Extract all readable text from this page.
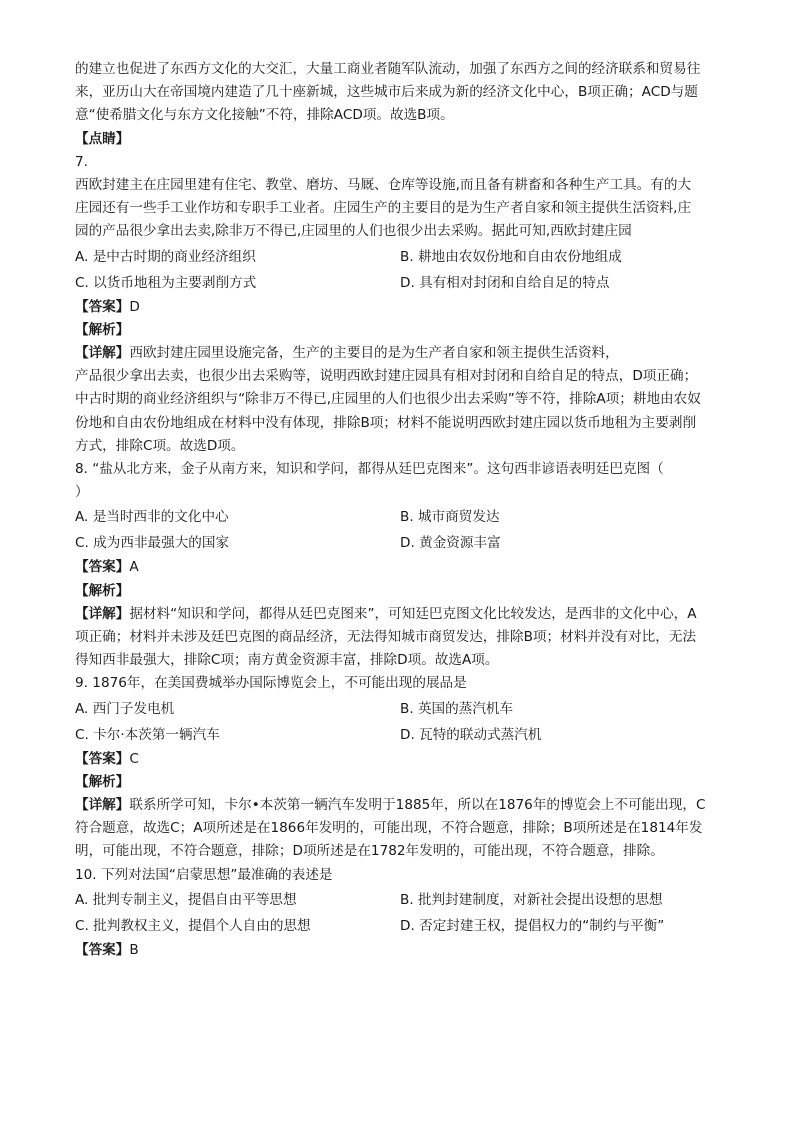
的建立也促进了东西方文化的大交汇，大量工商业者随军队流动，加强了东西方之间的经济联系和贸易往

来，亚历山大在帝国境内建造了几十座新城，这些城市后来成为新的经济文化中心，B项正确；ACD与题

意“使希腊文化与东方文化接触”不符，排除ACD项。故选B项。

【点睛】

7.

西欧封建主在庄园里建有住宅、教堂、磨坊、马厩、仓库等设施,而且备有耕畜和各种生产工具。有的大

庄园还有一些手工业作坊和专职手工业者。庄园生产的主要目的是为生产者自家和领主提供生活资料,庄

园的产品很少拿出去卖,除非万不得已,庄园里的人们也很少出去采购。据此可知,西欧封建庄园

A. 是中古时期的商业经济组织	B. 耕地由农奴份地和自由农份地组成
C. 以货币地租为主要剥削方式	D. 具有相对封闭和自给自足的特点

【答案】D

【解析】

【详解】西欧封建庄园里设施完备，生产的主要目的是为生产者自家和领主提供生活资料，

产品很少拿出去卖，也很少出去采购等，说明西欧封建庄园具有相对封闭和自给自足的特点，D项正确；

中古时期的商业经济组织与“除非万不得已,庄园里的人们也很少出去采购”等不符，排除A项；耕地由农奴

份地和自由农份地组成在材料中没有体现，排除B项；材料不能说明西欧封建庄园以货币地租为主要剥削

方式，排除C项。故选D项。

8. “盐从北方来，金子从南方来，知识和学问，都得从廷巴克图来”。这句西非谚语表明廷巴克图（

）

A. 是当时西非的文化中心	B. 城市商贸发达
C. 成为西非最强大的国家	D. 黄金资源丰富

【答案】A

【解析】

【详解】据材料“知识和学问，都得从廷巴克图来”，可知廷巴克图文化比较发达，是西非的文化中心，A

项正确；材料并未涉及廷巴克图的商品经济，无法得知城市商贸发达，排除B项；材料并没有对比，无法

得知西非最强大，排除C项；南方黄金资源丰富，排除D项。故选A项。

9. 1876年，在美国费城举办国际博览会上，不可能出现的展品是

A. 西门子发电机	B. 英国的蒸汽机车
C. 卡尔·本茨第一辆汽车	D. 瓦特的联动式蒸汽机

【答案】C

【解析】

【详解】联系所学可知，卡尔•本茨第一辆汽车发明于1885年，所以在1876年的博览会上不可能出现，C

符合题意，故选C；A项所述是在1866年发明的，可能出现，不符合题意，排除；B项所述是在1814年发

明，可能出现，不符合题意，排除；D项所述是在1782年发明的，可能出现，不符合题意，排除。

10. 下列对法国“启蒙思想”最准确的表述是

A. 批判专制主义，提倡自由平等思想	B. 批判封建制度，对新社会提出设想的思想
C. 批判教权主义，提倡个人自由的思想	D. 否定封建王权，提倡权力的“制约与平衡”

【答案】B
